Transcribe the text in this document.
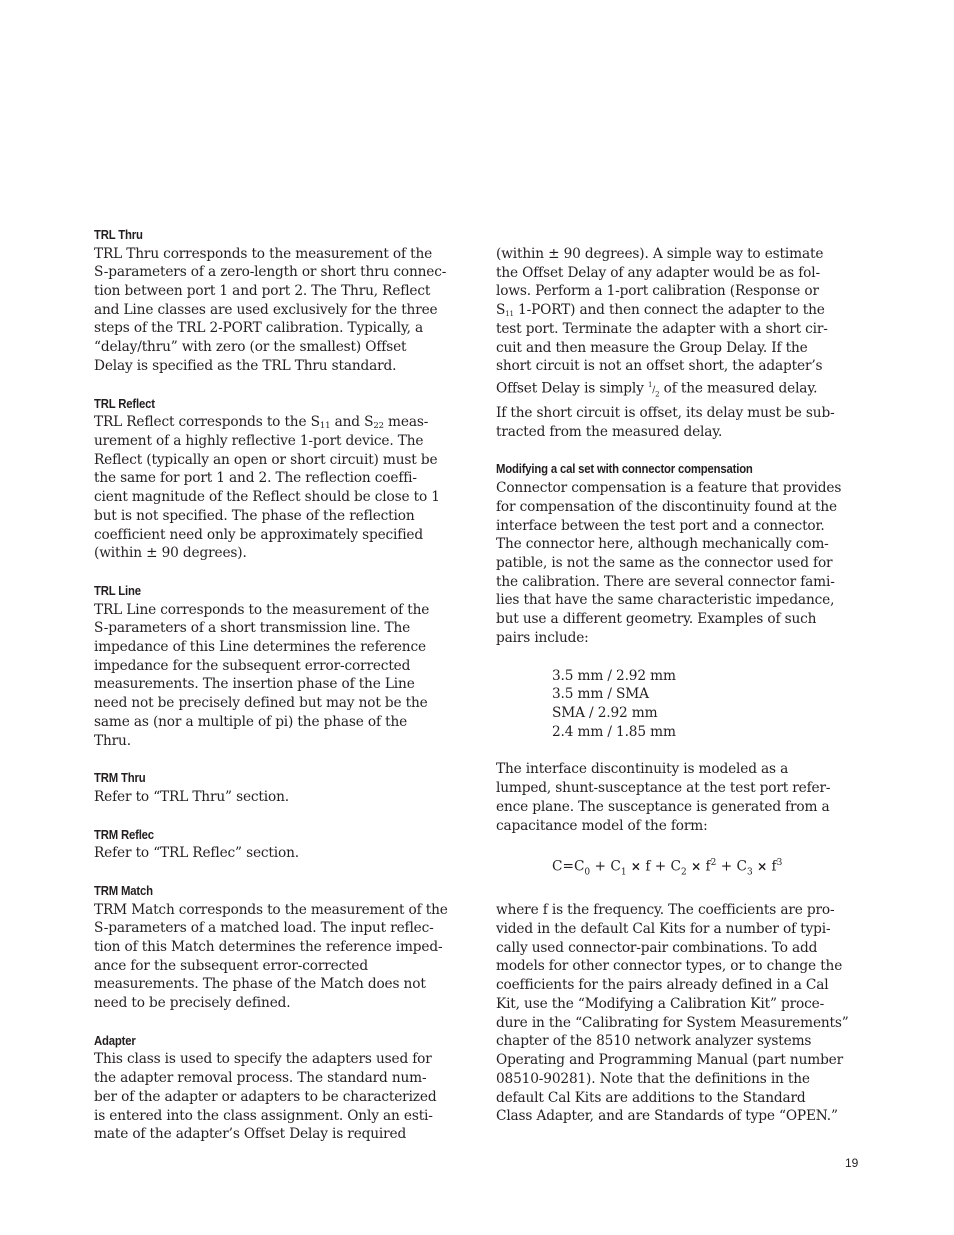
TRL Thru
TRL Thru corresponds to the measurement of the
S-parameters of a zero-length or short thru connec-
tion between port 1 and port 2. The Thru, Reflect
and Line classes are used exclusively for the three
steps of the TRL 2-PORT calibration. Typically, a
“delay/thru” with zero (or the smallest) Offset
Delay is specified as the TRL Thru standard.
TRL Reflect
TRL Reflect corresponds to the $S_{11}$ and $S_{22}$ meas-
urement of a highly reflective 1-port device. The
Reflect (typically an open or short circuit) must be
the same for port 1 and 2. The reflection coeffi-
cient magnitude of the Reflect should be close to 1
but is not specified. The phase of the reflection
coefficient need only be approximately specified
(within ± 90 degrees).
TRL Line
TRL Line corresponds to the measurement of the
S-parameters of a short transmission line. The
impedance of this Line determines the reference
impedance for the subsequent error-corrected
measurements. The insertion phase of the Line
need not be precisely defined but may not be the
same as (nor a multiple of pi) the phase of the
Thru.
TRM Thru
Refer to “TRL Thru” section.
TRM Reflec
Refer to “TRL Reflec” section.
TRM Match
TRM Match corresponds to the measurement of the
S-parameters of a matched load. The input reflec-
tion of this Match determines the reference imped-
ance for the subsequent error-corrected
measurements. The phase of the Match does not
need to be precisely defined.
Adapter
This class is used to specify the adapters used for
the adapter removal process. The standard num-
ber of the adapter or adapters to be characterized
is entered into the class assignment. Only an esti-
mate of the adapter’s Offset Delay is required
(within ± 90 degrees). A simple way to estimate
the Offset Delay of any adapter would be as fol-
lows. Perform a 1-port calibration (Response or
S11 1-PORT) and then connect the adapter to the
test port. Terminate the adapter with a short cir-
cuit and then measure the Group Delay. If the
short circuit is not an offset short, the adapter’s
Offset Delay is simply $^1/_2$ of the measured delay.
If the short circuit is offset, its delay must be sub-
tracted from the measured delay.
Modifying a cal set with connector compensation
Connector compensation is a feature that provides
for compensation of the discontinuity found at the
interface between the test port and a connector.
The connector here, although mechanically com-
patible, is not the same as the connector used for
the calibration. There are several connector fami-
lies that have the same characteristic impedance,
but use a different geometry. Examples of such
pairs include:
3.5 mm / 2.92 mm
3.5 mm / SMA
SMA / 2.92 mm
2.4 mm / 1.85 mm
The interface discontinuity is modeled as a
lumped, shunt-susceptance at the test port refer-
ence plane. The susceptance is generated from a
capacitance model of the form:
$C=C_0 + C_1 \times f + C_2 \times f^2 + C_3 \times f^3$
where f is the frequency. The coefficients are pro-
vided in the default Cal Kits for a number of typi-
cally used connector-pair combinations. To add
models for other connector types, or to change the
coefficients for the pairs already defined in a Cal
Kit, use the “Modifying a Calibration Kit” proce-
dure in the “Calibrating for System Measurements”
chapter of the 8510 network analyzer systems
Operating and Programming Manual (part number
08510-90281). Note that the definitions in the
default Cal Kits are additions to the Standard
Class Adapter, and are Standards of type “OPEN.”
19
